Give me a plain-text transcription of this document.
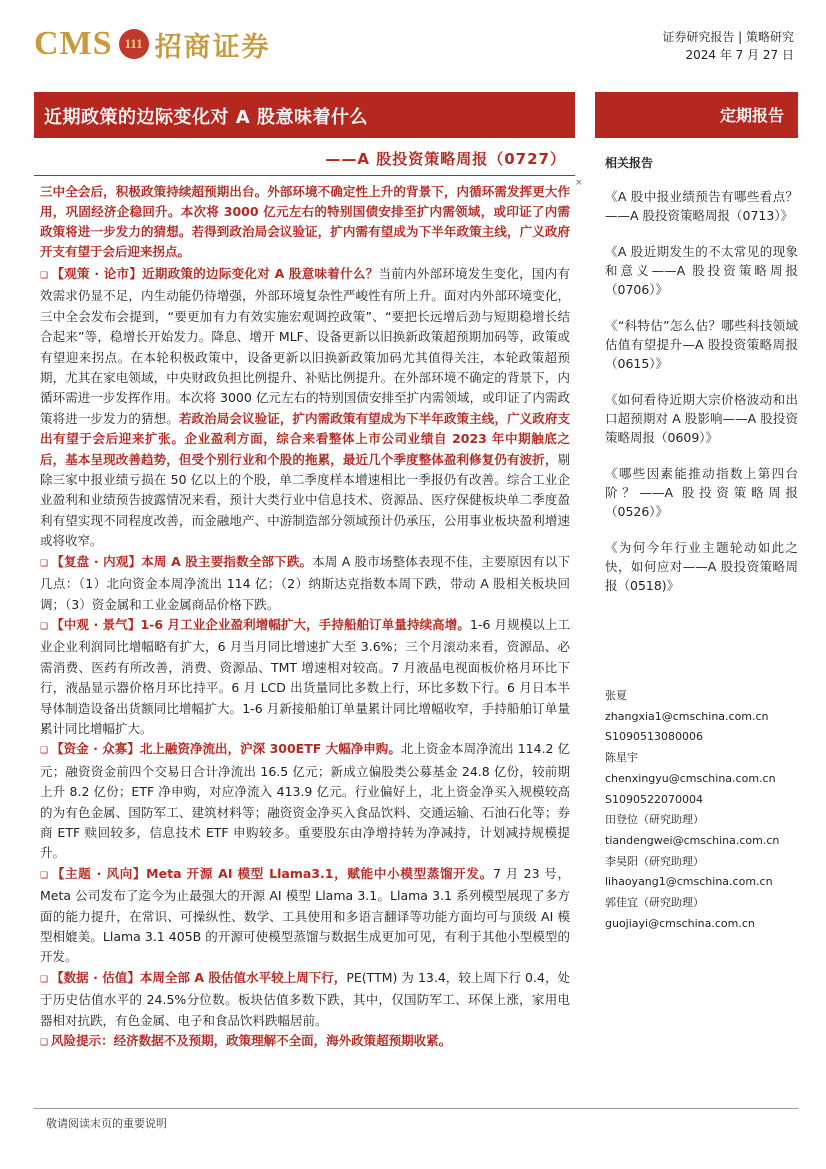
CMS 111 招商证券	证券研究报告 | 策略研究
2024 年 7 月 27 日
近期政策的边际变化对 A 股意味着什么	定期报告
——A 股投资策略周报（0727）
×
三中全会后，积极政策持续超预期出台。外部环境不确定性上升的背景下，内循环需发挥更大作用，巩固经济企稳回升。本次将 3000 亿元左右的特别国债安排至扩内需领域，或印证了内需政策将进一步发力的猜想。若得到政治局会议验证，扩内需有望成为下半年政策主线，广义政府开支有望于会后迎来拐点。

❑ 【观策 · 论市】近期政策的边际变化对 A 股意味着什么？当前内外部环境发生变化，国内有效需求仍显不足，内生动能仍待增强，外部环境复杂性严峻性有所上升。面对内外部环境变化，三中全会发布会提到，“要更加有力有效实施宏观调控政策”、“要把长远增后劲与短期稳增长结合起来”等，稳增长开始发力。降息、增开 MLF、设备更新以旧换新政策超预期加码等，政策或有望迎来拐点。在本轮积极政策中，设备更新以旧换新政策加码尤其值得关注，本轮政策超预期，尤其在家电领域，中央财政负担比例提升、补贴比例提升。在外部环境不确定的背景下，内循环需进一步发挥作用。本次将 3000 亿元左右的特别国债安排至扩内需领域，或印证了内需政策将进一步发力的猜想。若政治局会议验证，扩内需政策有望成为下半年政策主线，广义政府支出有望于会后迎来扩张。企业盈利方面，综合来看整体上市公司业绩自 2023 年中期触底之后，基本呈现改善趋势，但受个别行业和个股的拖累，最近几个季度整体盈利修复仍有波折，剔除三家中报业绩亏损在 50 亿以上的个股，单二季度样本增速相比一季报仍有改善。综合工业企业盈利和业绩预告披露情况来看，预计大类行业中信息技术、资源品、医疗保健板块单二季度盈利有望实现不同程度改善，而金融地产、中游制造部分领域预计仍承压，公用事业板块盈利增速或将收窄。

❑ 【复盘 · 内观】本周 A 股主要指数全部下跌。本周 A 股市场整体表现不佳，主要原因有以下几点：（1）北向资金本周净流出 114 亿；（2）纳斯达克指数本周下跌，带动 A 股相关板块回调；（3）资金属和工业金属商品价格下跌。

❑ 【中观 · 景气】1-6 月工业企业盈利增幅扩大，手持船舶订单量持续高增。1-6 月规模以上工业企业利润同比增幅略有扩大，6 月当月同比增速扩大至 3.6%；三个月滚动来看，资源品、必需消费、医药有所改善，消费、资源品、TMT 增速相对较高。7 月液晶电视面板价格月环比下行，液晶显示器价格月环比持平。6 月 LCD 出货量同比多数上行，环比多数下行。6 月日本半导体制造设备出货额同比增幅扩大。1-6 月新接船舶订单量累计同比增幅收窄，手持船舶订单量累计同比增幅扩大。

❑ 【资金 · 众寡】北上融资净流出，沪深 300ETF 大幅净申购。北上资金本周净流出 114.2 亿元；融资资金前四个交易日合计净流出 16.5 亿元；新成立偏股类公募基金 24.8 亿份，较前期上升 8.2 亿份；ETF 净申购，对应净流入 413.9 亿元。行业偏好上，北上资金净买入规模较高的为有色金属、国防军工、建筑材料等；融资资金净买入食品饮料、交通运输、石油石化等；券商 ETF 赎回较多，信息技术 ETF 申购较多。重要股东由净增持转为净减持，计划减持规模提升。

❑ 【主题 · 风向】Meta 开源 AI 模型 Llama3.1，赋能中小模型蒸馏开发。7 月 23 号，Meta 公司发布了迄今为止最强大的开源 AI 模型 Llama 3.1。Llama 3.1 系列模型展现了多方面的能力提升，在常识、可操纵性、数学、工具使用和多语言翻译等功能方面均可与顶级 AI 模型相媲美。Llama 3.1 405B 的开源可使模型蒸馏与数据生成更加可见，有利于其他小型模型的开发。

❑ 【数据 · 估值】本周全部 A 股估值水平较上周下行，PE(TTM) 为 13.4，较上周下行 0.4，处于历史估值水平的 24.5%分位数。板块估值多数下跌，其中，仅国防军工、环保上涨，家用电器相对抗跌，有色金属、电子和食品饮料跌幅居前。

❑ 风险提示：经济数据不及预期，政策理解不全面，海外政策超预期收紧。

相关报告
《A 股中报业绩预告有哪些看点？——A 股投资策略周报（0713）》
《A 股近期发生的不太常见的现象和意义——A 股投资策略周报（0706）》
《“科特估”怎么估？哪些科技领域估值有望提升—A 股投资策略周报（0615）》
《如何看待近期大宗价格波动和出口超预期对 A 股影响——A 股投资策略周报（0609）》
《哪些因素能推动指数上第四台阶？——A 股投资策略周报（0526）》
《为何今年行业主题轮动如此之快，如何应对——A 股投资策略周报（0518)》
张夏
zhangxia1@cmschina.com.cn
S1090513080006
陈星宇
chenxingyu@cmschina.com.cn
S1090522070004
田登位（研究助理）
tiandengwei@cmschina.com.cn
李昊阳（研究助理）
lihaoyang1@cmschina.com.cn
郭佳宜（研究助理）
guojiayi@cmschina.com.cn
敬请阅读末页的重要说明
